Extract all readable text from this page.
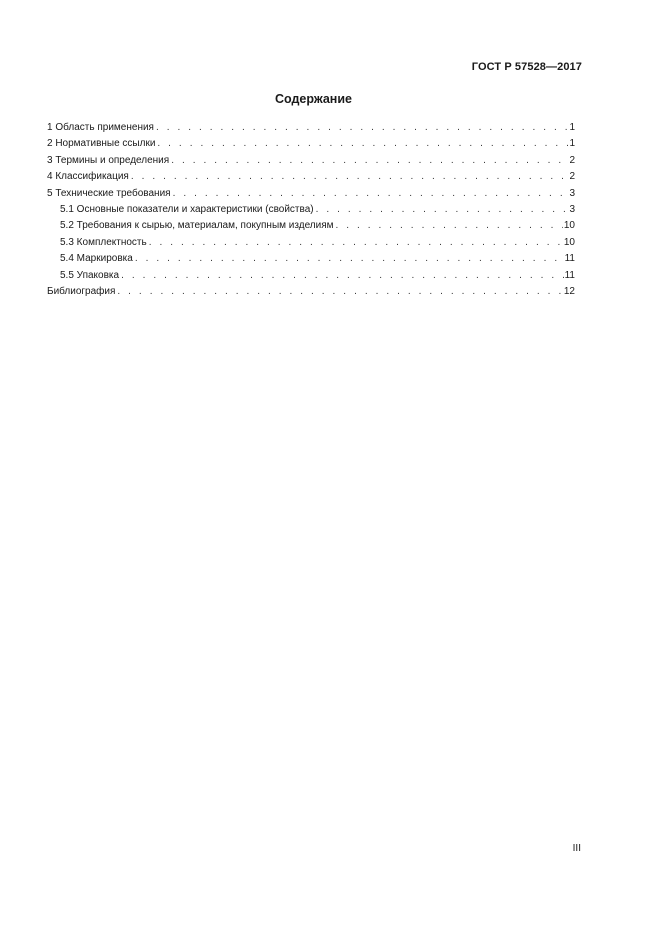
ГОСТ Р 57528—2017
Содержание
1 Область применения . . .	1
2 Нормативные ссылки . . .	1
3 Термины и определения . . .	2
4 Классификация . . .	2
5 Технические требования . . .	3
5.1 Основные показатели и характеристики (свойства) . . .	3
5.2 Требования к сырью, материалам, покупным изделиям . . .	10
5.3 Комплектность . . .	10
5.4 Маркировка . . .	11
5.5 Упаковка . . .	11
Библиография . . .	12
III
